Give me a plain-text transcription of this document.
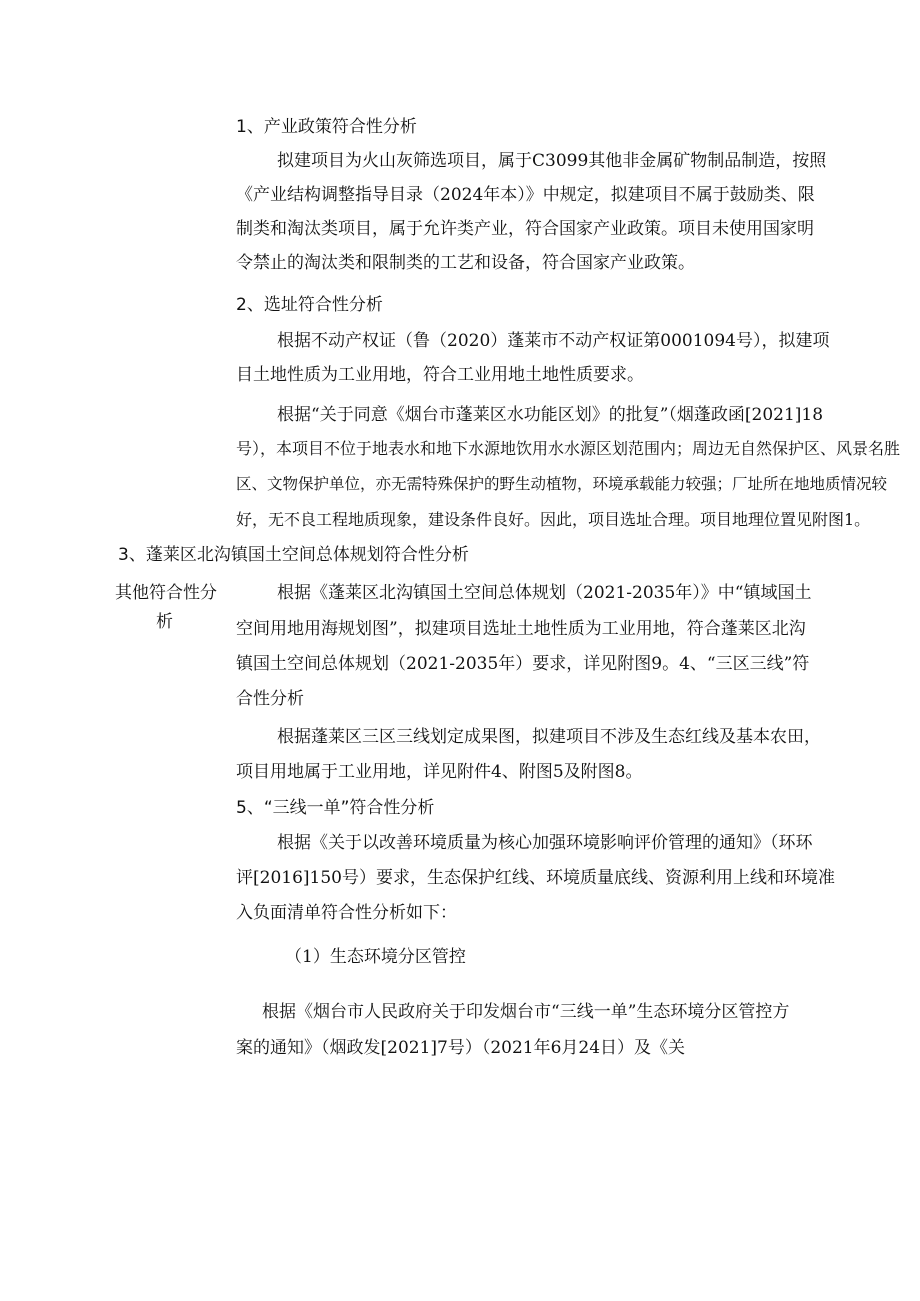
1、产业政策符合性分析
拟建项目为火山灰筛选项目，属于C3099其他非金属矿物制品制造，按照
《产业结构调整指导目录（2024年本）》中规定，拟建项目不属于鼓励类、限
制类和淘汰类项目，属于允许类产业，符合国家产业政策。项目未使用国家明
令禁止的淘汰类和限制类的工艺和设备，符合国家产业政策。
2、选址符合性分析
根据不动产权证（鲁（2020）蓬莱市不动产权证第0001094号），拟建项
目土地性质为工业用地，符合工业用地土地性质要求。
根据“关于同意《烟台市蓬莱区水功能区划》的批复”（烟蓬政函[2021]18
号），本项目不位于地表水和地下水源地饮用水水源区划范围内；周边无自然保护区、风景名胜
区、文物保护单位，亦无需特殊保护的野生动植物，环境承载能力较强；厂址所在地地质情况较
好，无不良工程地质现象，建设条件良好。因此，项目选址合理。项目地理位置见附图1。
3、蓬莱区北沟镇国土空间总体规划符合性分析
其他符合性分
析
根据《蓬莱区北沟镇国土空间总体规划（2021-2035年）》中“镇域国土
空间用地用海规划图”，拟建项目选址土地性质为工业用地，符合蓬莱区北沟
镇国土空间总体规划（2021-2035年）要求，详见附图9。4、“三区三线”符
合性分析
根据蓬莱区三区三线划定成果图，拟建项目不涉及生态红线及基本农田，
项目用地属于工业用地，详见附件4、附图5及附图8。
5、“三线一单”符合性分析
根据《关于以改善环境质量为核心加强环境影响评价管理的通知》（环环
评[2016]150号）要求，生态保护红线、环境质量底线、资源利用上线和环境准
入负面清单符合性分析如下：
（1）生态环境分区管控
根据《烟台市人民政府关于印发烟台市“三线一单”生态环境分区管控方
案的通知》（烟政发[2021]7号）（2021年6月24日）及《关
